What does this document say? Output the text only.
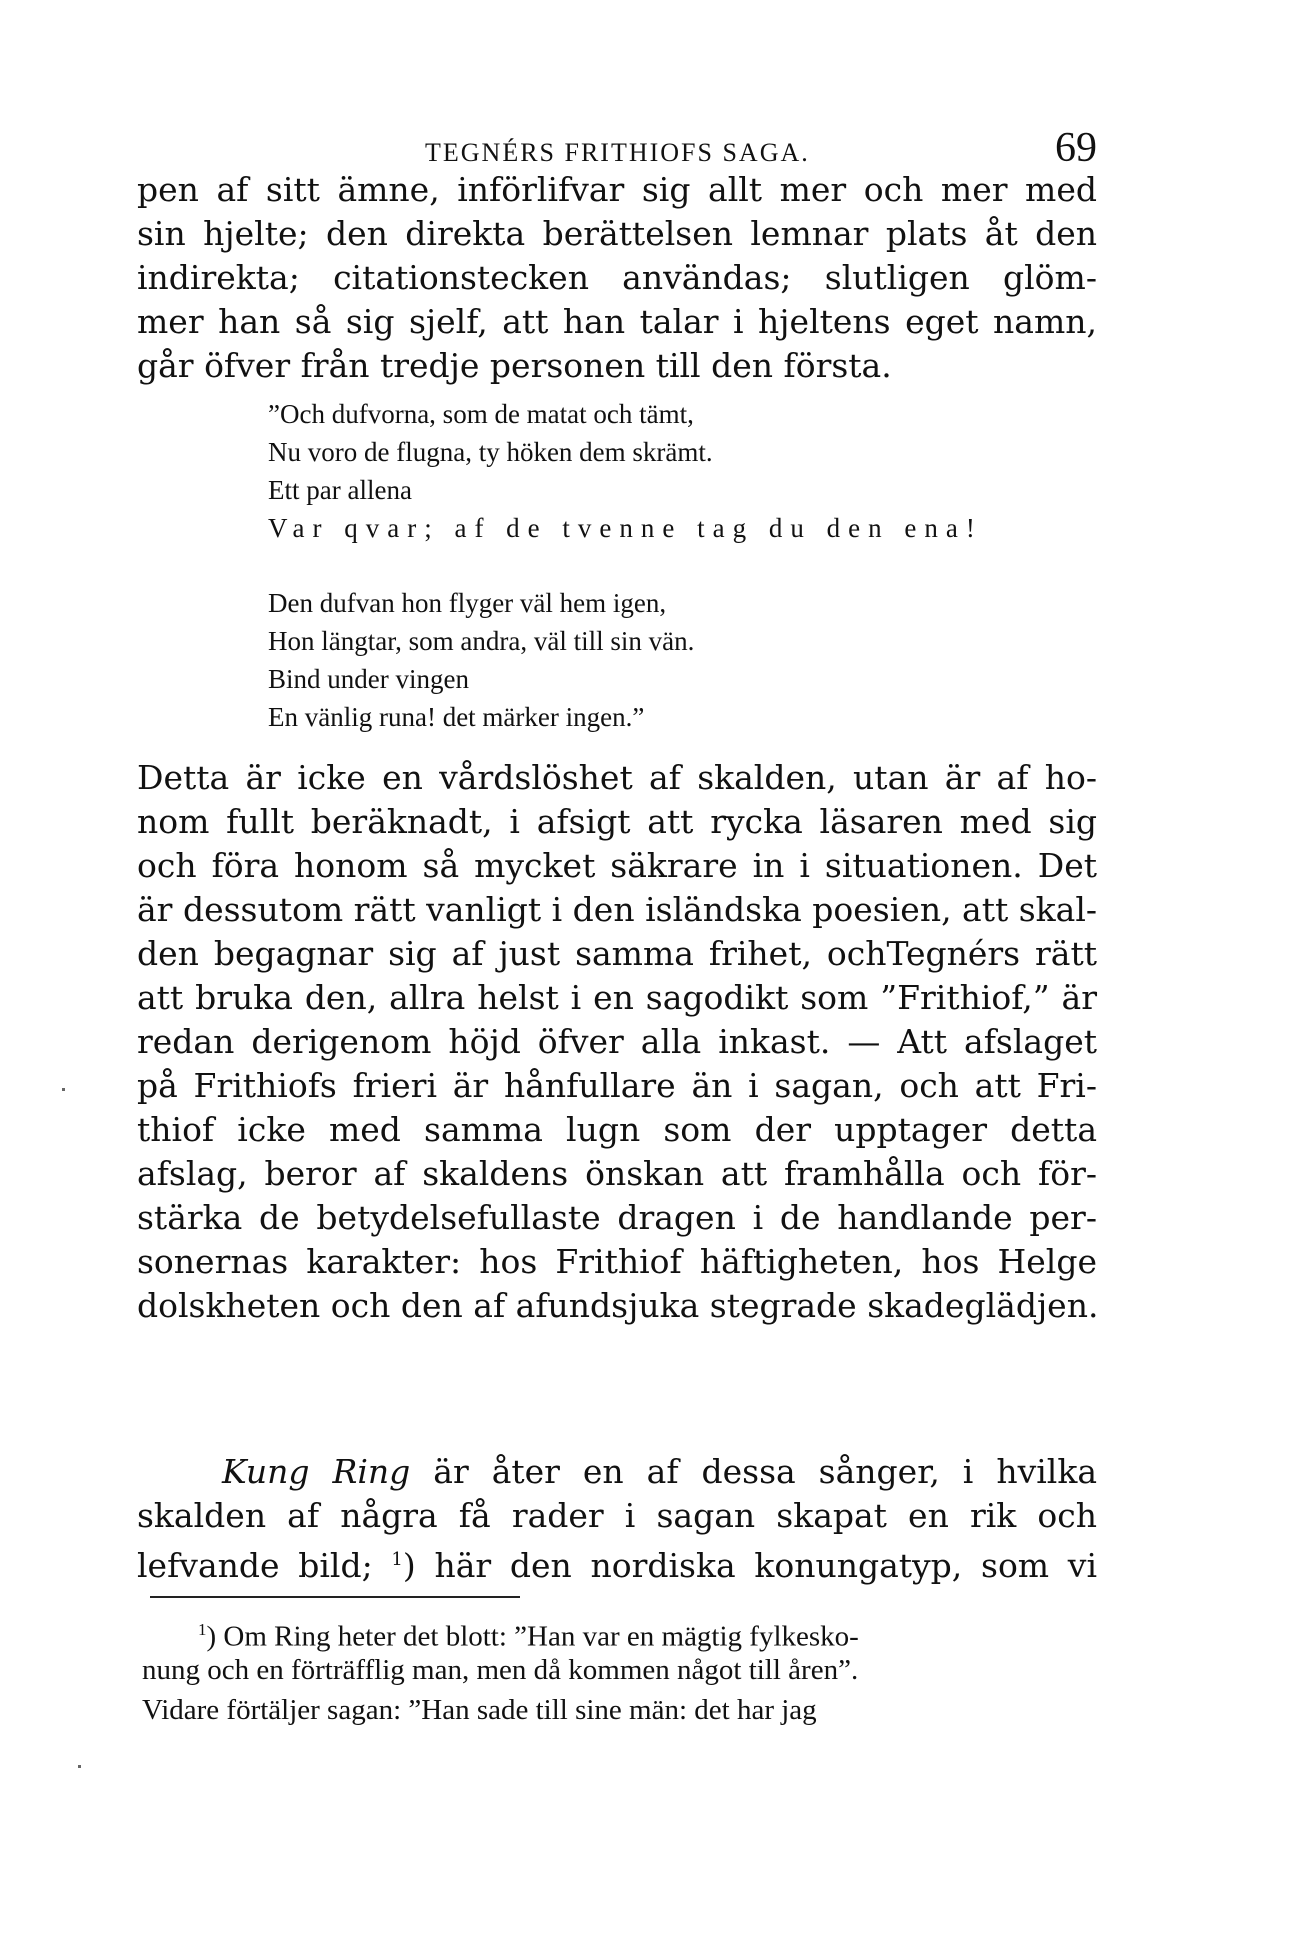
TEGNÉRS FRITHIOFS SAGA.	69

pen af sitt ämne, införlifvar sig allt mer och mer med

sin hjelte; den direkta berättelsen lemnar plats åt den

indirekta; citationstecken användas; slutligen glöm-

mer han så sig sjelf, att han talar i hjeltens eget namn,

går öfver från tredje personen till den första.

”Och dufvorna, som de matat och tämt,

Nu voro de flugna, ty höken dem skrämt.

Ett par allena

Var qvar; af de tvenne tag du den ena!

Den dufvan hon flyger väl hem igen,

Hon längtar, som andra, väl till sin vän.

Bind under vingen

En vänlig runa! det märker ingen.”

Detta är icke en vårdslöshet af skalden, utan är af ho-

nom fullt beräknadt, i afsigt att rycka läsaren med sig

och föra honom så mycket säkrare in i situationen. Det

är dessutom rätt vanligt i den isländska poesien, att skal-

den begagnar sig af just samma frihet, ochTegnérs rätt

att bruka den, allra helst i en sagodikt som ”Frithiof,” är

redan derigenom höjd öfver alla inkast. — Att afslaget

på Frithiofs frieri är hånfullare än i sagan, och att Fri-

thiof icke med samma lugn som der upptager detta

afslag, beror af skaldens önskan att framhålla och för-

stärka de betydelsefullaste dragen i de handlande per-

sonernas karakter: hos Frithiof häftigheten, hos Helge

dolskheten och den af afundsjuka stegrade skadeglädjen.

Kung Ring är åter en af dessa sånger, i hvilka

skalden af några få rader i sagan skapat en rik och

lefvande bild; $^1$) här den nordiska konungatyp, som vi

$^1$) Om Ring heter det blott: ”Han var en mägtig fylkesko-

nung och en förträfflig man, men då kommen något till åren”.

Vidare förtäljer sagan: ”Han sade till sine män: det har jag
